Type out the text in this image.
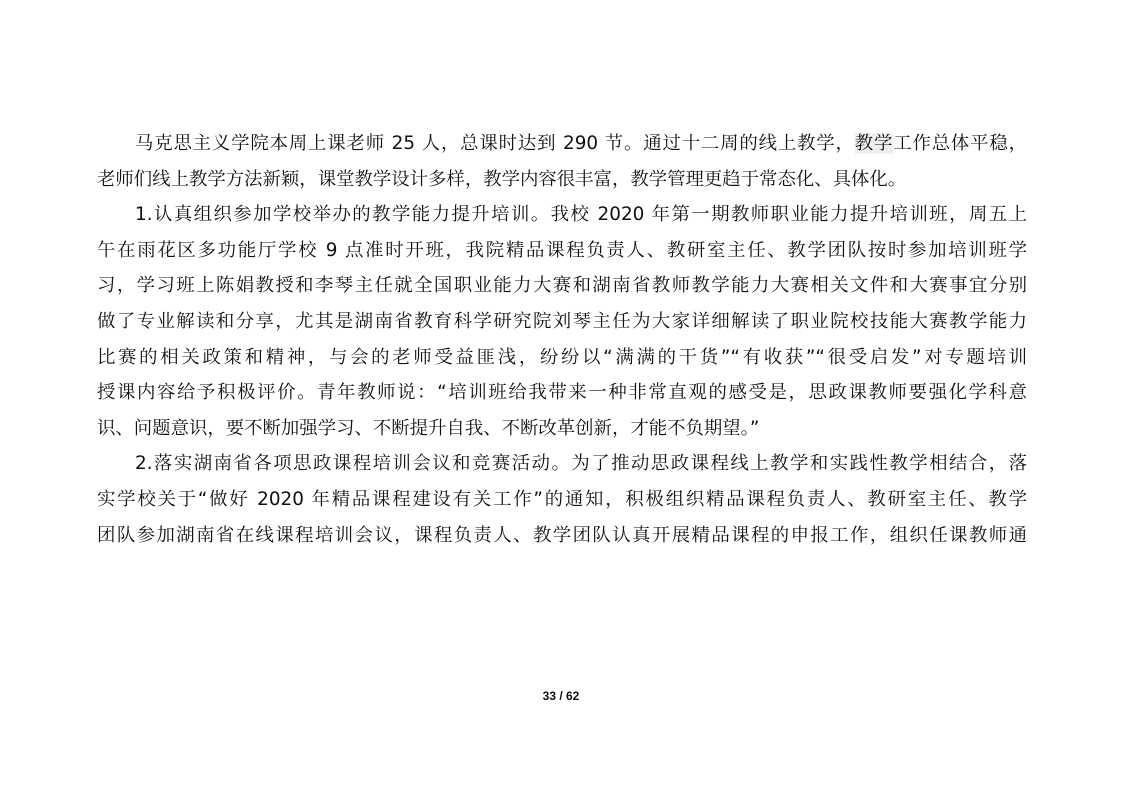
马克思主义学院本周上课老师 25 人，总课时达到 290 节。通过十二周的线上教学，教学工作总体平稳，
老师们线上教学方法新颖，课堂教学设计多样，教学内容很丰富，教学管理更趋于常态化、具体化。
1.认真组织参加学校举办的教学能力提升培训。我校 2020 年第一期教师职业能力提升培训班，周五上
午在雨花区多功能厅学校 9 点准时开班，我院精品课程负责人、教研室主任、教学团队按时参加培训班学
习，学习班上陈娟教授和李琴主任就全国职业能力大赛和湖南省教师教学能力大赛相关文件和大赛事宜分别
做了专业解读和分享，尤其是湖南省教育科学研究院刘琴主任为大家详细解读了职业院校技能大赛教学能力
比赛的相关政策和精神，与会的老师受益匪浅，纷纷以“满满的干货”“有收获”“很受启发”对专题培训
授课内容给予积极评价。青年教师说：“培训班给我带来一种非常直观的感受是，思政课教师要强化学科意
识、问题意识，要不断加强学习、不断提升自我、不断改革创新，才能不负期望。”
2.落实湖南省各项思政课程培训会议和竞赛活动。为了推动思政课程线上教学和实践性教学相结合，落
实学校关于“做好 2020 年精品课程建设有关工作”的通知，积极组织精品课程负责人、教研室主任、教学
团队参加湖南省在线课程培训会议，课程负责人、教学团队认真开展精品课程的申报工作，组织任课教师通
33 / 62
